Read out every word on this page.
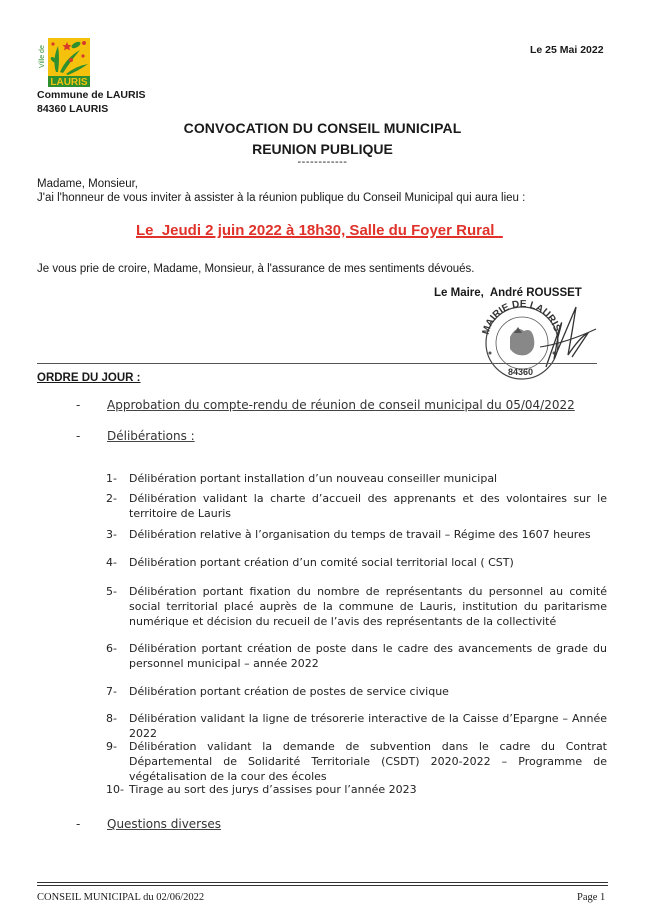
Ville de
LAURIS
Commune de LAURIS
84360 LAURIS
Le 25 Mai 2022
CONVOCATION DU CONSEIL MUNICIPAL
REUNION PUBLIQUE
------------
Madame, Monsieur,
J'ai l'honneur de vous inviter à assister à la réunion publique du Conseil Municipal qui aura lieu :
Le  Jeudi 2 juin 2022 à 18h30, Salle du Foyer Rural
Je vous prie de croire, Madame, Monsieur, à l'assurance de mes sentiments dévoués.
Le Maire,  André ROUSSET
MAIRIE DE LAURIS
84360
ORDRE DU JOUR :
- Approbation du compte-rendu de réunion de conseil municipal du 05/04/2022
- Délibérations :
1- Délibération portant installation d’un nouveau conseiller municipal
2- Délibération validant la charte d’accueil des apprenants et des volontaires sur le territoire de Lauris
3- Délibération relative à l’organisation du temps de travail – Régime des 1607 heures
4- Délibération portant création d’un comité social territorial local ( CST)
5- Délibération portant fixation du nombre de représentants du personnel au comité social territorial placé auprès de la commune de Lauris, institution du paritarisme numérique et décision du recueil de l’avis des représentants de la collectivité
6- Délibération portant création de poste dans le cadre des avancements de grade du personnel municipal – année 2022
7- Délibération portant création de postes de service civique
8- Délibération validant la ligne de trésorerie interactive de la Caisse d’Epargne – Année 2022
9- Délibération validant la demande de subvention dans le cadre du Contrat Départemental de Solidarité Territoriale (CSDT) 2020-2022 – Programme de végétalisation de la cour des écoles
10- Tirage au sort des jurys d’assises pour l’année 2023
- Questions diverses
CONSEIL MUNICIPAL du 02/06/2022	Page 1
